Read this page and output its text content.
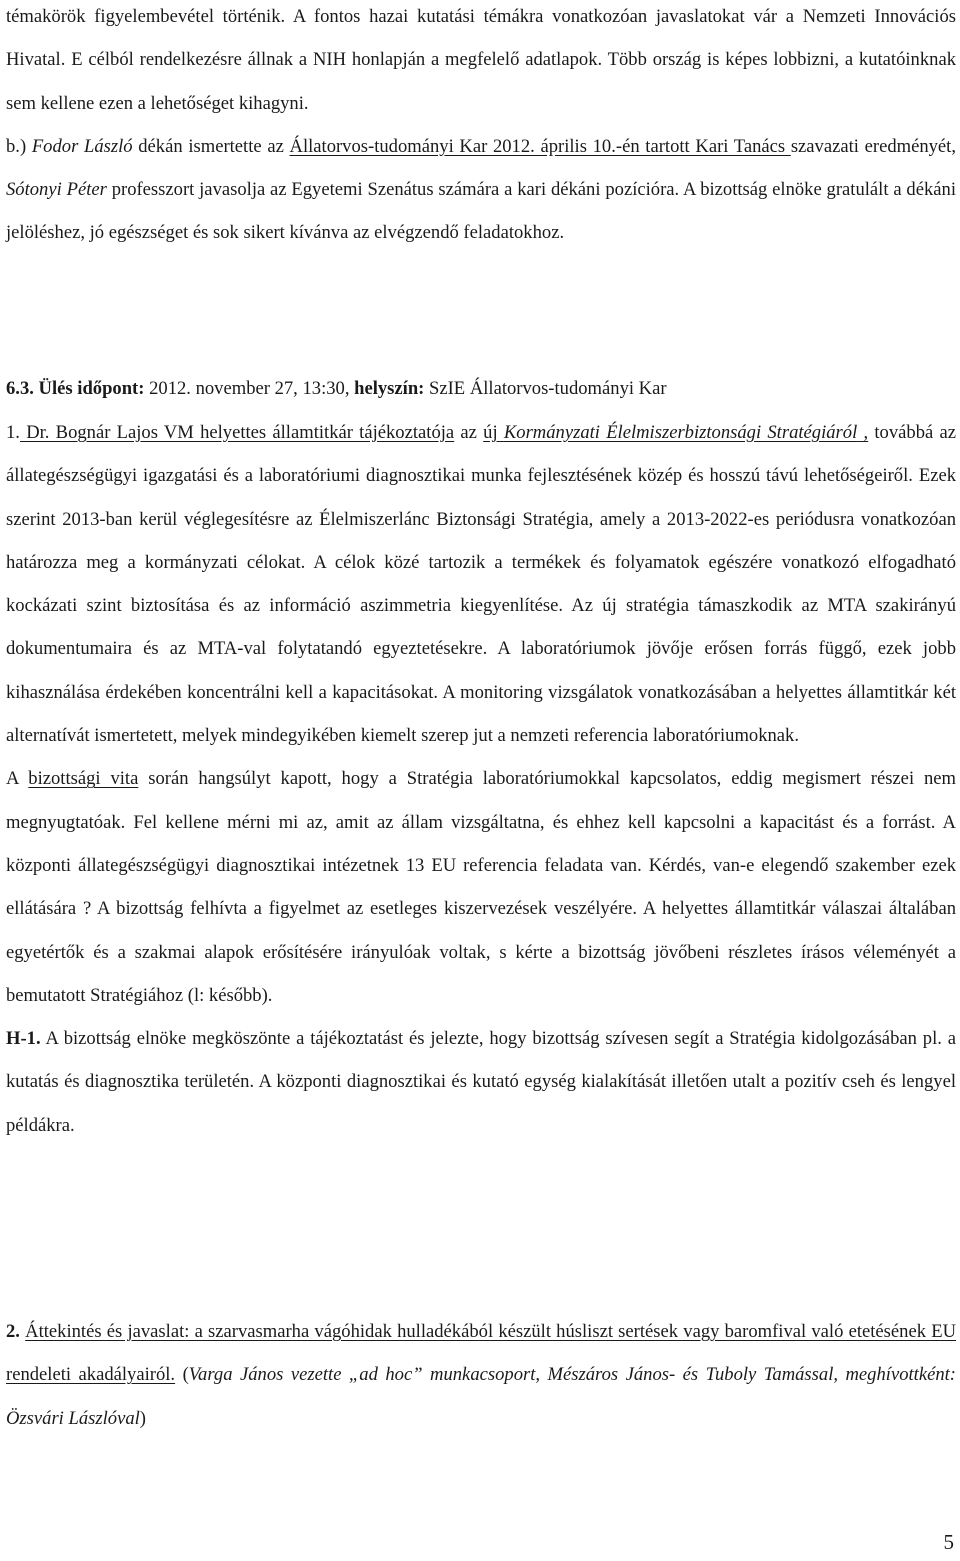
témakörök figyelembevétel történik. A fontos hazai kutatási témákra vonatkozóan javaslatokat vár a Nemzeti Innovációs Hivatal. E célból rendelkezésre állnak a NIH honlapján a megfelelő adatlapok. Több ország is képes lobbizni, a kutatóinknak sem kellene ezen a lehetőséget kihagyni.

b.) Fodor László dékán ismertette az Állatorvos-tudományi Kar 2012. április 10.-én tartott Kari Tanács szavazati eredményét, Sótonyi Péter professzort javasolja az Egyetemi Szenátus számára a kari dékáni pozícióra. A bizottság elnöke gratulált a dékáni jelöléshez, jó egészséget és sok sikert kívánva az elvégzendő feladatokhoz.

6.3. Ülés időpont: 2012. november 27, 13:30, helyszín: SzIE Állatorvos-tudományi Kar

1. Dr. Bognár Lajos VM helyettes államtitkár tájékoztatója az új Kormányzati Élelmiszerbiztonsági Stratégiáról , továbbá az állategészségügyi igazgatási és a laboratóriumi diagnosztikai munka fejlesztésének közép és hosszú távú lehetőségeiről. Ezek szerint 2013-ban kerül véglegesítésre az Élelmiszerlánc Biztonsági Stratégia, amely a 2013-2022-es periódusra vonatkozóan határozza meg a kormányzati célokat. A célok közé tartozik a termékek és folyamatok egészére vonatkozó elfogadható kockázati szint biztosítása és az információ aszimmetria kiegyenlítése. Az új stratégia támaszkodik az MTA szakirányú dokumentumaira és az MTA-val folytatandó egyeztetésekre. A laboratóriumok jövője erősen forrás függő, ezek jobb kihasználása érdekében koncentrálni kell a kapacitásokat. A monitoring vizsgálatok vonatkozásában a helyettes államtitkár két alternatívát ismertetett, melyek mindegyikében kiemelt szerep jut a nemzeti referencia laboratóriumoknak.

A bizottsági vita során hangsúlyt kapott, hogy a Stratégia laboratóriumokkal kapcsolatos, eddig megismert részei nem megnyugtatóak. Fel kellene mérni mi az, amit az állam vizsgáltatna, és ehhez kell kapcsolni a kapacitást és a forrást. A központi állategészségügyi diagnosztikai intézetnek 13 EU referencia feladata van. Kérdés, van-e elegendő szakember ezek ellátására ? A bizottság felhívta a figyelmet az esetleges kiszervezések veszélyére. A helyettes államtitkár válaszai általában egyetértők és a szakmai alapok erősítésére irányulóak voltak, s kérte a bizottság jövőbeni részletes írásos véleményét a bemutatott Stratégiához (l: később).

H-1. A bizottság elnöke megköszönte a tájékoztatást és jelezte, hogy bizottság szívesen segít a Stratégia kidolgozásában pl. a kutatás és diagnosztika területén. A központi diagnosztikai és kutató egység kialakítását illetően utalt a pozitív cseh és lengyel példákra.

2. Áttekintés és javaslat: a szarvasmarha vágóhidak hulladékából készült húsliszt sertések vagy baromfival való etetésének EU rendeleti akadályairól. (Varga János vezette „ad hoc” munkacsoport, Mészáros János- és Tuboly Tamással, meghívottként: Özsvári Lászlóval)

5
